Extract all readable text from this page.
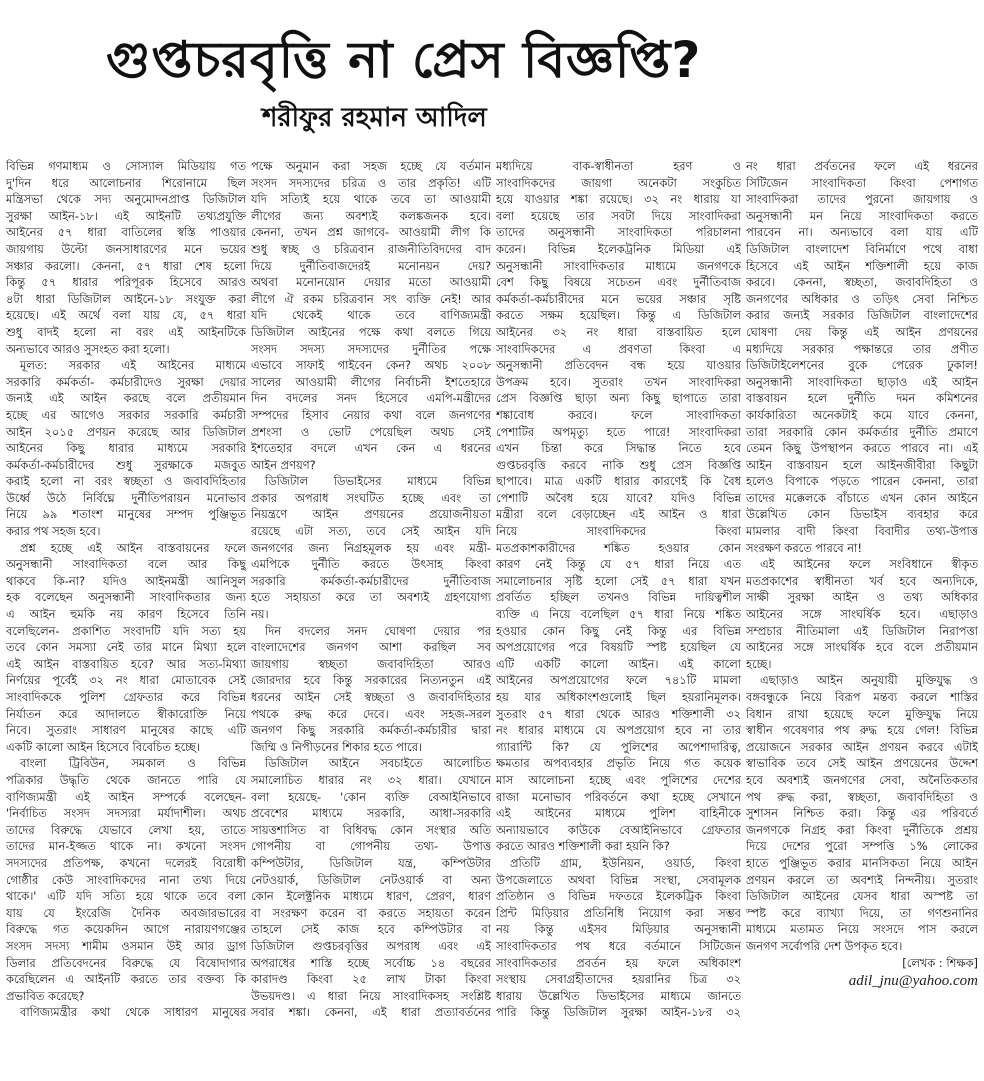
গুপ্তচরবৃত্তি না প্রেস বিজ্ঞপ্তি?
শরীফুর রহমান আদিল
বিভিন্ন গণমাধ্যম ও সোস্যাল মিডিয়ায় গত
দু'দিন ধরে আলোচনার শিরোনামে ছিল
মন্ত্রিসভা থেকে সদ্য অনুমোদনপ্রাপ্ত ডিজিটাল
সুরক্ষা আইন-১৮। এই আইনটি তথ্যপ্রযুক্তি
আইনের ৫৭ ধারা বাতিলের স্বস্তি পাওয়ার
জায়গায় উল্টো জনসাধারণের মনে ভয়ের
সঞ্চার করলো। কেননা, ৫৭ ধারা শেষ হলো
কিন্তু ৫৭ ধারার পরিপূরক হিসেবে আরও
৪টা ধারা ডিজিটাল আইনে-১৮ সংযুক্ত করা
হয়েছে। এই অর্থে বলা যায় যে, ৫৭ ধারা
শুধু বাদই হলো না বরং এই আইনটিকে
অন্যভাবে আরও সুসংহত করা হলো।
মূলত: সরকার এই আইনের মাধ্যমে
সরকারি কর্মকর্তা- কর্মচারীদেও সুরক্ষা দেয়ার
জন্যই এই আইন করছে বলে প্রতীয়মান
হচ্ছে এর আগেও সরকার সরকারি কর্মচারী
আইন ২০১৫ প্রণয়ন করেছে আর ডিজিটাল
আইনের কিছু ধারার মাধ্যমে সরকারি
কর্মকর্তা-কর্মচারীদের শুধু সুরক্ষাকে মজবুত
করাই হলো না বরং স্বচ্ছতা ও জবাবদিহিতার
উর্ধ্বে উঠে নির্বিঘ্নে দুর্নীতিপরায়ন মনোভাব
নিয়ে ৯৯ শতাংশ মানুষের সম্পদ পুঞ্জিভূত
করার পথ সহজ হবে।
প্রশ্ন হচ্ছে এই আইন বাস্তবায়নের ফলে
অনুসন্ধানী সাংবাদিকতা বলে আর কিছু
থাকবে কি-না? যদিও আইনমন্ত্রী আনিসুল
হক বলেছেন অনুসন্ধানী সাংবাদিকতার জন্য
এ আইন হুমকি নয় কারণ হিসেবে তিনি
বলেছিলেন- প্রকাশিত সংবাদটি যদি সত্য হয়
তবে কোন সমস্যা নেই তার মানে মিথ্যা হলে
এই আইন বাস্তবায়িত হবে? আর সত্য-মিথ্যা
নির্ণয়ের পূর্বেই ৩২ নং ধারা মোতাবেক সেই
সাংবাদিককে পুলিশ গ্রেফতার করে বিভিন্ন
নির্যাতন করে আদালতে স্বীকারোক্তি নিয়ে
নিবে। সুতরাং সাধারণ মানুষের কাছে এটি
একটি কালো আইন হিসেবে বিবেচিত হচ্ছে।
বাংলা ট্রিবিউন, সমকাল ও বিভিন্ন
পত্রিকার উদ্ধৃতি থেকে জানতে পারি যে
বাণিজ্যমন্ত্রী এই আইন সম্পর্কে বলেছেন-
'নির্বাচিত সংসদ সদস্যরা মর্যাদাশীল। অথচ
তাদের বিরুদ্ধে যেভাবে লেখা হয়, তাতে
তাদের মান-ইজ্জত থাকে না। কখনো সংসদ
সদস্যদের প্রতিপক্ষ, কখনো দলেরই বিরোধী
গোষ্ঠীর কেউ সাংবাদিকদের নানা তথ্য দিয়ে
থাকে।' এটি যদি সত্যি হয়ে থাকে তবে বলা
যায় যে ইংরেজি দৈনিক অবজারভারের
বিরুদ্ধে গত কয়েকদিন আগে নারায়ণগঞ্জের
সংসদ সদস্য শামীম ওসমান উই আর ড্রাগ
ডিলার প্রতিবেদনের বিরুদ্ধে যে বিষোদাগার
করেছিলেন এ আইনটি করতে তার বক্তব্য কি
প্রভাবিত করেছে?
বাণিজ্যমন্ত্রীর কথা থেকে সাধারণ মানুষের
পক্ষে অনুমান করা সহজ হচ্ছে যে বর্তমান
সংসদ সদস্যদের চরিত্র ও তার প্রকৃতি! এটি
যদি সত্যিই হয়ে থাকে তবে তা আওয়ামী
লীগের জন্য অবশ্যই কলঙ্কজনক হবে।
কেননা, তখন প্রশ্ন জাগবে- আওয়ামী লীগ কি
শুধু স্বচ্ছ ও চরিত্রবান রাজনীতিবিদদের বাদ
দিয়ে দুর্নীতিবাজদেরই মনোনয়ন দেয়?
অথবা মনোনয়োন দেয়ার মতো আওয়ামী
লীগে ঐ রকম চরিত্রবান সৎ ব্যক্তি নেই! আর
যদি থেকেই থাকে তবে বাণিজ্যমন্ত্রী
ডিজিটাল আইনের পক্ষে কথা বলতে গিয়ে
সংসদ সদস্য সদস্যদের দুর্নীতির পক্ষে
এভাবে সাফাই গাইবেন কেন? অথচ ২০০৮
সালের আওয়ামী লীগের নির্বাচনী ইশতেহারে
দিন বদলের সনদ হিসেবে এমপি-মন্ত্রীদের
সম্পদের হিসাব নেয়ার কথা বলে জনগণের
প্রশংসা ও ভোট পেয়েছিল অথচ সেই
ইশতেহার বদলে এখন কেন এ ধরনের
আইন প্রণয়ণ?
ডিজিটাল ডিভাইসের মাধ্যমে বিভিন্ন
প্রকার অপরাধ সংঘটিত হচ্ছে এবং তা
নিয়ন্ত্রণে আইন প্রণয়নের প্রয়োজনীয়তা
রয়েছে এটা সত্য, তবে সেই আইন যদি
জনগণের জন্য নিগ্রহমূলক হয় এবং মন্ত্রী-
এমপিকে দুর্নীতি করতে উৎসাহ কিংবা
সরকারি কর্মকর্তা-কর্মচারীদের দুর্নীতিবাজ
হতে সহায়তা করে তা অবশ্যই গ্রহণযোগ্য
নয়।
দিন বদলের সনদ ঘোষণা দেয়ার পর
বাংলাদেশের জনগণ আশা করছিল সব
জায়গায় স্বচ্ছতা জবাবদিহিতা আরও
জোরদার হবে কিন্তু সরকারের নিত্যনতুন এই
ধরনের আইন সেই স্বচ্ছতা ও জবাবদিহিতার
পথকে রুদ্ধ করে দেবে। এবং সহজ-সরল
জনগণ কিছু সরকারি কর্মকর্তা-কর্মচারীর দ্বারা
জিম্মি ও নিপীড়নের শিকার হতে পারে।
ডিজিটাল আইনে সবচাইতে আলোচিত
সমালোচিত ধারার নং ৩২ ধারা। যেখানে
বলা হয়েছে- 'কোন ব্যক্তি বেআইনিভাবে
প্রবেশের মাধ্যমে সরকারি, আধা-সরকারি
সায়ত্তশাসিত বা বিধিবদ্ধ কোন সংস্থার অতি
গোপনীয় বা গোপনীয় তথ্য- উপাত্ত
কম্পিউটার, ডিজিটাল যন্ত্র, কম্পিউটার
নেটওয়ার্ক, ডিজিটাল নেটওয়ার্ক বা অন্য
কোন ইলেক্ট্রনিক মাধ্যমে ধারণ, প্রেরণ, ধারণ
বা সংরক্ষণ করেন বা করতে সহায়তা করেন
তাহলে সেই কাজ হবে কম্পিউটার বা
ডিজিটাল গুপ্তচরবৃত্তির অপরাধ এবং এই
অপরাধের শাস্তি হচ্ছে সর্বোচ্চ ১৪ বছরের
কারাদণ্ড কিংবা ২৫ লাখ টাকা কিংবা
উভয়দণ্ড। এ ধারা নিয়ে সাংবাদিকসহ সংশ্লিষ্ট
সবার শঙ্কা। কেননা, এই ধারা প্রত্যাবর্তনের
মধ্যদিয়ে বাক-স্বাধীনতা হরণ ও
সাংবাদিকদের জায়গা অনেকটা সংকুচিত
হয়ে যাওয়ার শঙ্কা রয়েছে। ৩২ নং ধারায় যা
বলা হয়েছে তার সবটা দিয়ে সাংবাদিকরা
তাদের অনুসন্ধানী সাংবাদিকতা পরিচালনা
করেন। বিভিন্ন ইলেকট্রনিক মিডিয়া এই
অনুসন্ধানী সাংবাদিকতার মাধ্যমে জনগণকে
বেশ কিছু বিষয়ে সচেতন এবং দুর্নীতিবাজ
কর্মকর্তা-কর্মচারীদের মনে ভয়ের সঞ্চার সৃষ্টি
করতে সক্ষম হয়েছিল। কিন্তু এ ডিজিটাল
আইনের ৩২ নং ধারা বাস্তবায়িত হলে
সাংবাদিকদের এ প্রবণতা কিংবা এ
অনুসন্ধানী প্রতিবেদন বন্ধ হয়ে যাওয়ার
উপক্রম হবে। সুতরাং তখন সাংবাদিকরা
প্রেস বিজ্ঞপ্তি ছাড়া অন্য কিছু ছাপাতে তারা
শঙ্কাবোধ করবে। ফলে সাংবাদিকতা
পেশাটির অপমৃত্যু হতে পারে! সাংবাদিকরা
এখন চিন্তা করে সিদ্ধান্ত নিতে হবে
গুপ্তচরবৃত্তি করবে নাকি শুধু প্রেস বিজ্ঞপ্তি
ছাপাবে। মাত্র একটি ধারার কারণেই কি বৈধ
পেশাটি অবৈধ হয়ে যাবে? যদিও বিভিন্ন
মন্ত্রীরা বলে বেড়াচ্ছেন এই আইন ও ধারা
নিয়ে সাংবাদিকদের কিংবা
মতপ্রকাশকারীদের শঙ্কিত হওয়ার কোন
কারণ নেই কিন্তু যে ৫৭ ধারা নিয়ে এত
সমালোচনার সৃষ্টি হলো সেই ৫৭ ধারা যখন
প্রবর্তিত হচ্ছিল তখনও বিভিন্ন দায়িত্বশীল
ব্যক্তি এ নিয়ে বলেছিল ৫৭ ধারা নিয়ে শঙ্কিত
হওয়ার কোন কিছু নেই কিন্তু এর বিভিন্ন
অপপ্রয়োগের পরে বিষয়টি স্পষ্ট হয়েছিল যে
এটি একটি কালো আইন। এই কালো
আইনের অপপ্রয়োগের ফলে ৭৪১টি মামলা
হয় যার অধিকাংশগুলোই ছিল হয়রানিমূলক।
সুতরাং ৫৭ ধারা থেকে আরও শক্তিশালী ৩২
নং ধারার মাধ্যমে যে অপপ্রয়োগ হবে না তার
গ্যারান্টি কি? যে পুলিশের অপেশাদারিত্ব,
ক্ষমতার অপব্যবহার প্রভৃতি নিয়ে গত কয়েক
মাস আলোচনা হচ্ছে এবং পুলিশের দেশের
রাজা মনোভাব পরিবর্তনে কথা হচ্ছে সেখানে
এই আইনের মাধ্যমে পুলিশ বাহিনীকে
অন্যায়ভাবে কাউকে বেআইনিভাবে গ্রেফতার
করতে আরও শক্তিশালী করা হয়নি কি?
প্রতিটি গ্রাম, ইউনিয়ন, ওয়ার্ড, কিংবা
উপজেলাতে অথবা বিভিন্ন সংস্থা, সেবামূলক
প্রতিষ্ঠান ও বিভিন্ন দফতরে ইলেকট্রিক কিংবা
প্রিন্ট মিড়িয়ার প্রতিনিধি নিয়োগ করা সম্ভব
নয় কিন্তু এইসব মিড়িয়ার অনুসন্ধানী
সাংবাদিকতার পথ ধরে বর্তমানে সিটিজেন
সাংবাদিকতার প্রবর্তন হয় ফলে অধিকাংশ
সংস্থায় সেবাগ্রহীতাদের হয়রানির চিত্র ৩২
ধারায় উল্লেখিত ডিভাইসের মাধ্যমে জানতে
পারি কিন্তু ডিজিটাল সুরক্ষা আইন-১৮র ৩২
নং ধারা প্রর্বতনের ফলে এই ধরনের
সিটিজেন সাংবাদিকতা কিংবা পেশাগত
সাংবাদিকরা তাদের পুরনো জায়গায় ও
অনুসন্ধানী মন নিয়ে সাংবাদিকতা করতে
পারবেন না। অন্যভাবে বলা যায় এটি
ডিজিটাল বাংলাদেশ বিনির্মাণে পথে বাধা
হিসেবে এই আইন শক্তিশালী হয়ে কাজ
করবে। কেননা, স্বচ্ছতা, জবাবদিহিতা ও
জনগণের অধিকার ও তড়িৎ সেবা নিশ্চিত
করার জন্যই সরকার ডিজিটাল বাংলাদেশের
ঘোষণা দেয় কিন্তু এই আইন প্রণয়নের
মধ্যদিয়ে সরকার পক্ষান্তরে তার প্রণীত
ডিজিটাইলেশনের বুকে পেরেক ঢুকাল!
অনুসন্ধানী সাংবাদিকতা ছাড়াও এই আইন
বাস্তবায়ন হলে দুর্নীতি দমন কমিশনের
কার্যকারিতা অনেকটাই কমে যাবে কেননা,
তারা সরকারি কোন কর্মকর্তার দুর্নীতি প্রমাণে
তেমন কিছু উপস্থাপন করতে পারবে না। এই
আইন বাস্তবায়ন হলে আইনজীবীরা কিছুটা
হলেও বিপাকে পড়তে পারেন কেননা, তারা
তাদের মক্কেলকে বাঁচাতে এখন কোন আইনে
উল্লেখিত কোন ডিভাইস ব্যবহার করে
মামলার বাদী কিংবা বিবাদীর তথ্য-উপাত্ত
সংরক্ষণ করতে পারবে না!
এই আইনের ফলে সংবিধানে স্বীকৃত
মতপ্রকাশের স্বাধীনতা খর্ব হবে অন্যদিকে,
সাক্ষী সুরক্ষা আইন ও তথ্য অধিকার
আইনের সঙ্গে সাংঘর্ষিক হবে। এছাড়াও
সম্প্রচার নীতিমালা এই ডিজিটাল নিরাপত্তা
আইনের সঙ্গে সাংঘর্ষিক হবে বলে প্রতীয়মান
হচ্ছে।
এছাড়াও আইন অনুযায়ী মুক্তিযুদ্ধ ও
বঙ্গবন্ধুকে নিয়ে বিরূপ মন্তব্য করলে শাস্তির
বিধান রাখা হয়েছে ফলে মুক্তিযুদ্ধ নিয়ে
স্বাধীন গবেষণার পথ রুদ্ধ হয়ে গেল! বিভিন্ন
প্রয়োজনে সরকার আইন প্রণয়ন করবে এটাই
স্বাভাবিক তবে সেই আইন প্রণয়েনের উদ্দেশ
হবে অবশ্যই জনগণের সেবা, অনৈতিকতার
পথ রুদ্ধ করা, স্বচ্ছতা, জবাবদিহিতা ও
সুশাসন নিশ্চিত করা। কিন্তু এর পরিবর্তে
জনগণকে নিগ্রহ করা কিংবা দুর্নীতিকে প্রশ্রয়
দিয়ে দেশের পুরো সম্পত্তি ১% লোকের
হাতে পুঞ্জিভূত করার মানসিকতা নিয়ে আইন
প্রণয়ন করলে তা অবশ্যই নিন্দনীয়। সুতরাং
ডিজিটাল আইনের যেসব ধারা অস্পষ্ট তা
স্পষ্ট করে ব্যাখ্যা দিয়ে, তা গণশুনানির
মাধ্যমে মতামত নিয়ে সংসদে পাস করলে
জনগণ সর্বোপরি দেশ উপকৃত হবে।
[লেখক : শিক্ষক]
adil_jnu@yahoo.com
